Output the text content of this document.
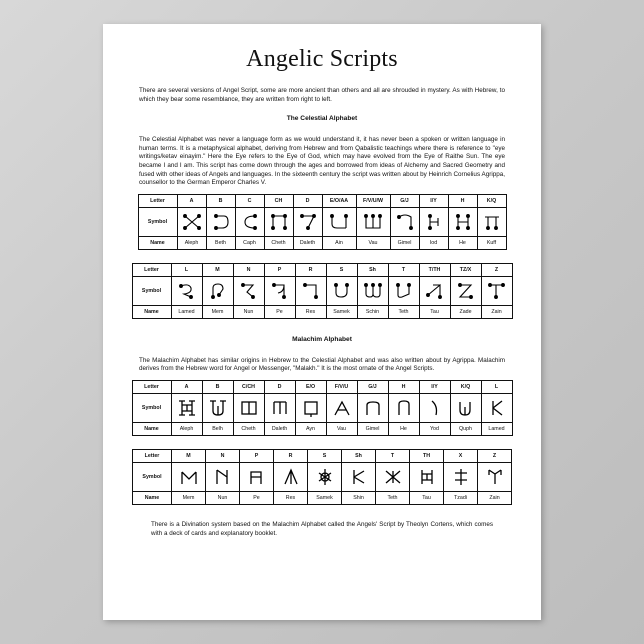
Angelic Scripts

There are several versions of Angel Script, some are more ancient than others and all are shrouded in mystery. As with Hebrew, to which they bear some resemblance, they are written from right to left.

The Celestial Alphabet

The Celestial Alphabet was never a language form as we would understand it, it has never been a spoken or written language in human terms. It is a metaphysical alphabet, deriving from Hebrew and from Qabalistic teachings where there is reference to "eye writings/ketav einayim." Here the Eye refers to the Eye of God, which may have evolved from the Eye of Raithe Sun. The eye became I and I am. This script has come down through the ages and borrowed from ideas of Alchemy and Sacred Geometry and fused with other ideas of Angels and languages. In the sixteenth century the script was written about by Heinrich Cornelius Agrippa, counsellor to the German Emperor Charles V.

Letter	A	B	C	CH	D	E/O/AA	F/V/U/W	G/J	I/Y	H	K/Q
Symbol	

Name	Aleph	Beth	Caph	Cheth	Daleth	Ain	Vau	Gimel	Iod	He	Kuff
Letter	L	M	N	P	R	S	Sh	T	T/TH	TZ/X	Z
Symbol	

Name	Lamed	Mem	Nun	Pe	Res	Samek	Schin	Teth	Tau	Zade	Zain
Malachim Alphabet

The Malachim Alphabet has similar origins in Hebrew to the Celestial Alphabet and was also written about by Agrippa. Malachim derives from the Hebrew word for Angel or Messenger, "Malakh." It is the most ornate of the Angel Scripts.

Letter	A	B	C/CH	D	E/O	F/V/U	G/J	H	I/Y	K/Q	L
Symbol	

Name	Aleph	Belh	Cheth	Daleth	Ayn	Vau	Gimel	He	Yod	Quph	Lamed
Letter	M	N	P	R	S	Sh	T	TH	X	Z
Symbol	

Name	Mem	Nun	Pe	Res	Samek	Shin	Teth	Tau	Tzadi	Zain

There is a Divination system based on the Malachim Alphabet called the Angels' Script by Theolyn Cortens, which comes with a deck of cards and explanatory booklet.
